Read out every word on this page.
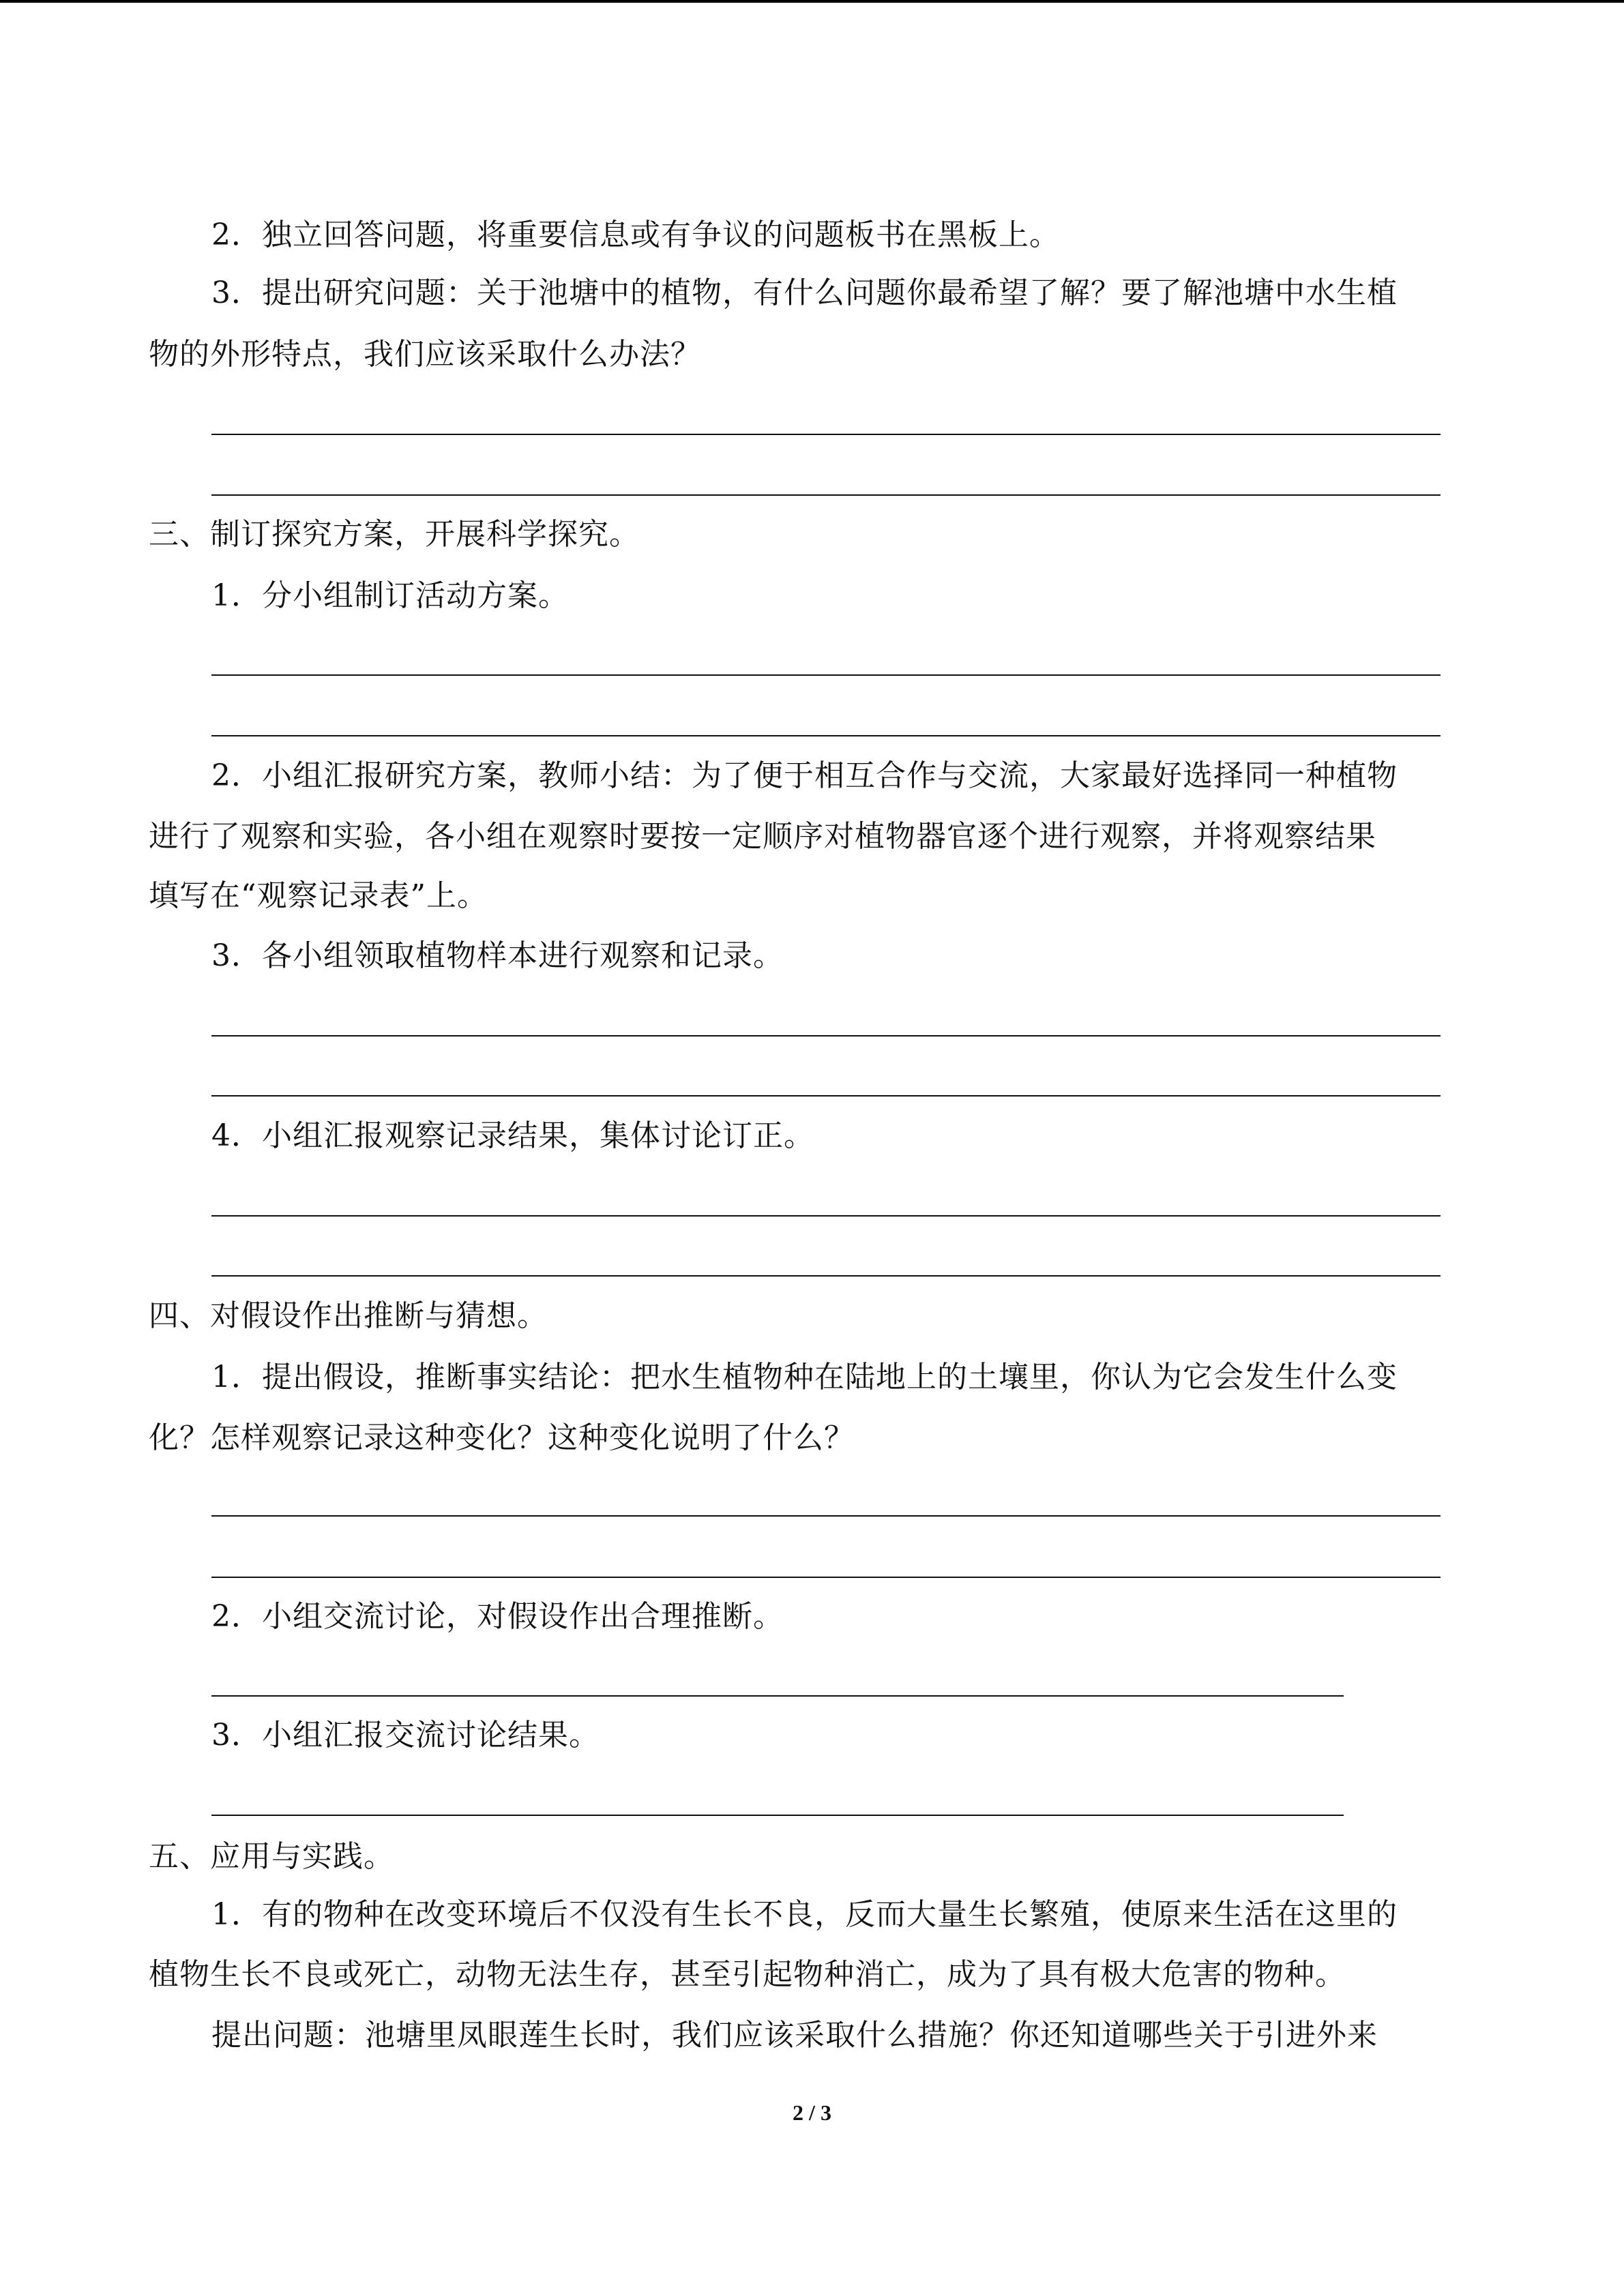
2．独立回答问题，将重要信息或有争议的问题板书在黑板上。
3．提出研究问题：关于池塘中的植物，有什么问题你最希望了解？要了解池塘中水生植
物的外形特点，我们应该采取什么办法？
三、制订探究方案，开展科学探究。
1．分小组制订活动方案。
2．小组汇报研究方案，教师小结：为了便于相互合作与交流，大家最好选择同一种植物
进行了观察和实验，各小组在观察时要按一定顺序对植物器官逐个进行观察，并将观察结果
填写在“观察记录表”上。
3．各小组领取植物样本进行观察和记录。
4．小组汇报观察记录结果，集体讨论订正。
四、对假设作出推断与猜想。
1．提出假设，推断事实结论：把水生植物种在陆地上的土壤里，你认为它会发生什么变
化？怎样观察记录这种变化？这种变化说明了什么？
2．小组交流讨论，对假设作出合理推断。
3．小组汇报交流讨论结果。
五、应用与实践。
1．有的物种在改变环境后不仅没有生长不良，反而大量生长繁殖，使原来生活在这里的
植物生长不良或死亡，动物无法生存，甚至引起物种消亡，成为了具有极大危害的物种。
提出问题：池塘里凤眼莲生长时，我们应该采取什么措施？你还知道哪些关于引进外来
2 / 3
